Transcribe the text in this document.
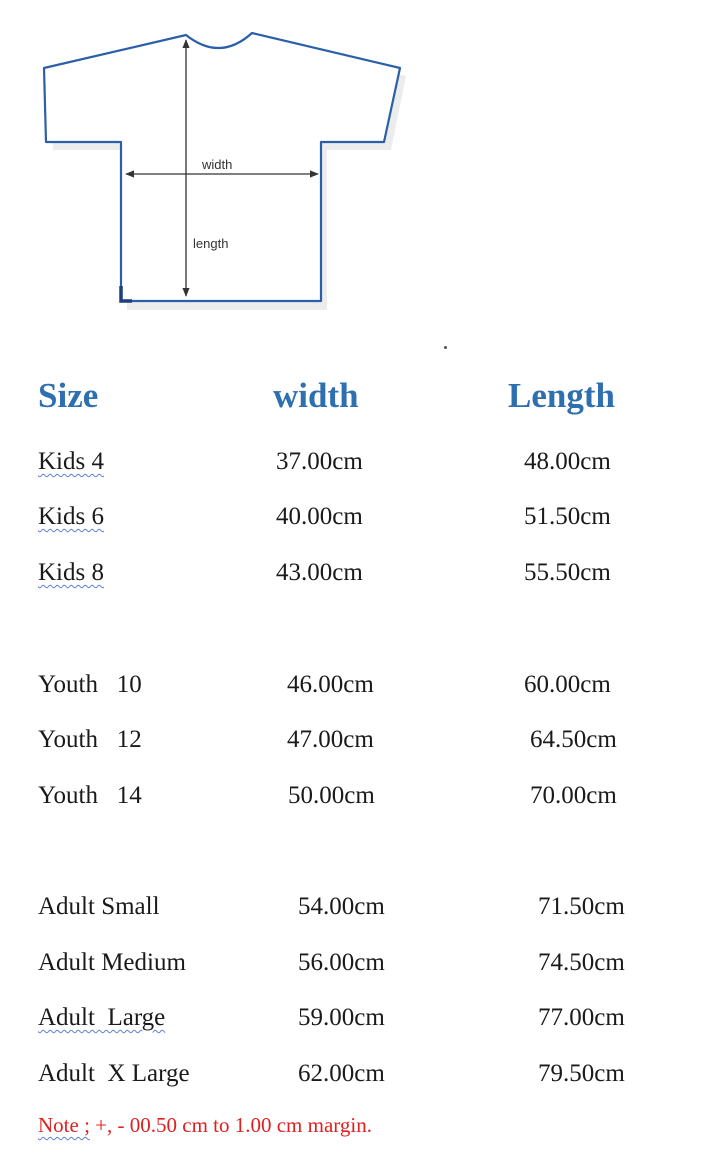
width
length
Size	width	Length
Kids 4	37.00cm	48.00cm
Kids 6	40.00cm	51.50cm
Kids 8	43.00cm	55.50cm
Youth   10	46.00cm	60.00cm
Youth   12	47.00cm	64.50cm
Youth   14	50.00cm	70.00cm
Adult Small	54.00cm	71.50cm
Adult Medium	56.00cm	74.50cm
Adult  Large	59.00cm	77.00cm
Adult  X Large	62.00cm	79.50cm
Note ; +, - 00.50 cm to 1.00 cm margin.
